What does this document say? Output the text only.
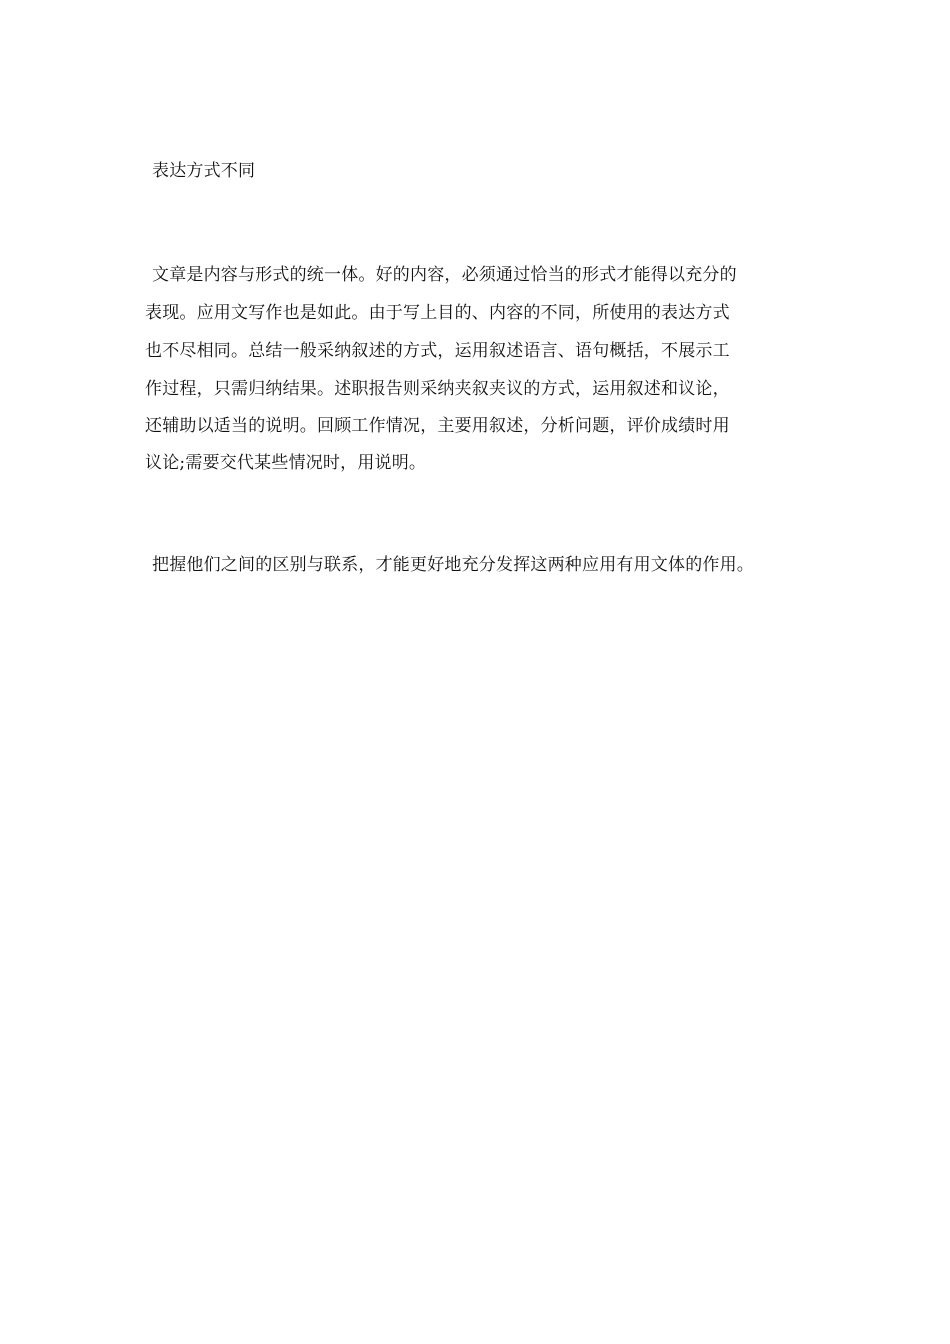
表达方式不同

文章是内容与形式的统一体。好的内容，必须通过恰当的形式才能得以充分的

表现。应用文写作也是如此。由于写上目的、内容的不同，所使用的表达方式

也不尽相同。总结一般采纳叙述的方式，运用叙述语言、语句概括，不展示工

作过程，只需归纳结果。述职报告则采纳夹叙夹议的方式，运用叙述和议论，

还辅助以适当的说明。回顾工作情况，主要用叙述，分析问题，评价成绩时用

议论;需要交代某些情况时，用说明。

把握他们之间的区别与联系，才能更好地充分发挥这两种应用有用文体的作用。
